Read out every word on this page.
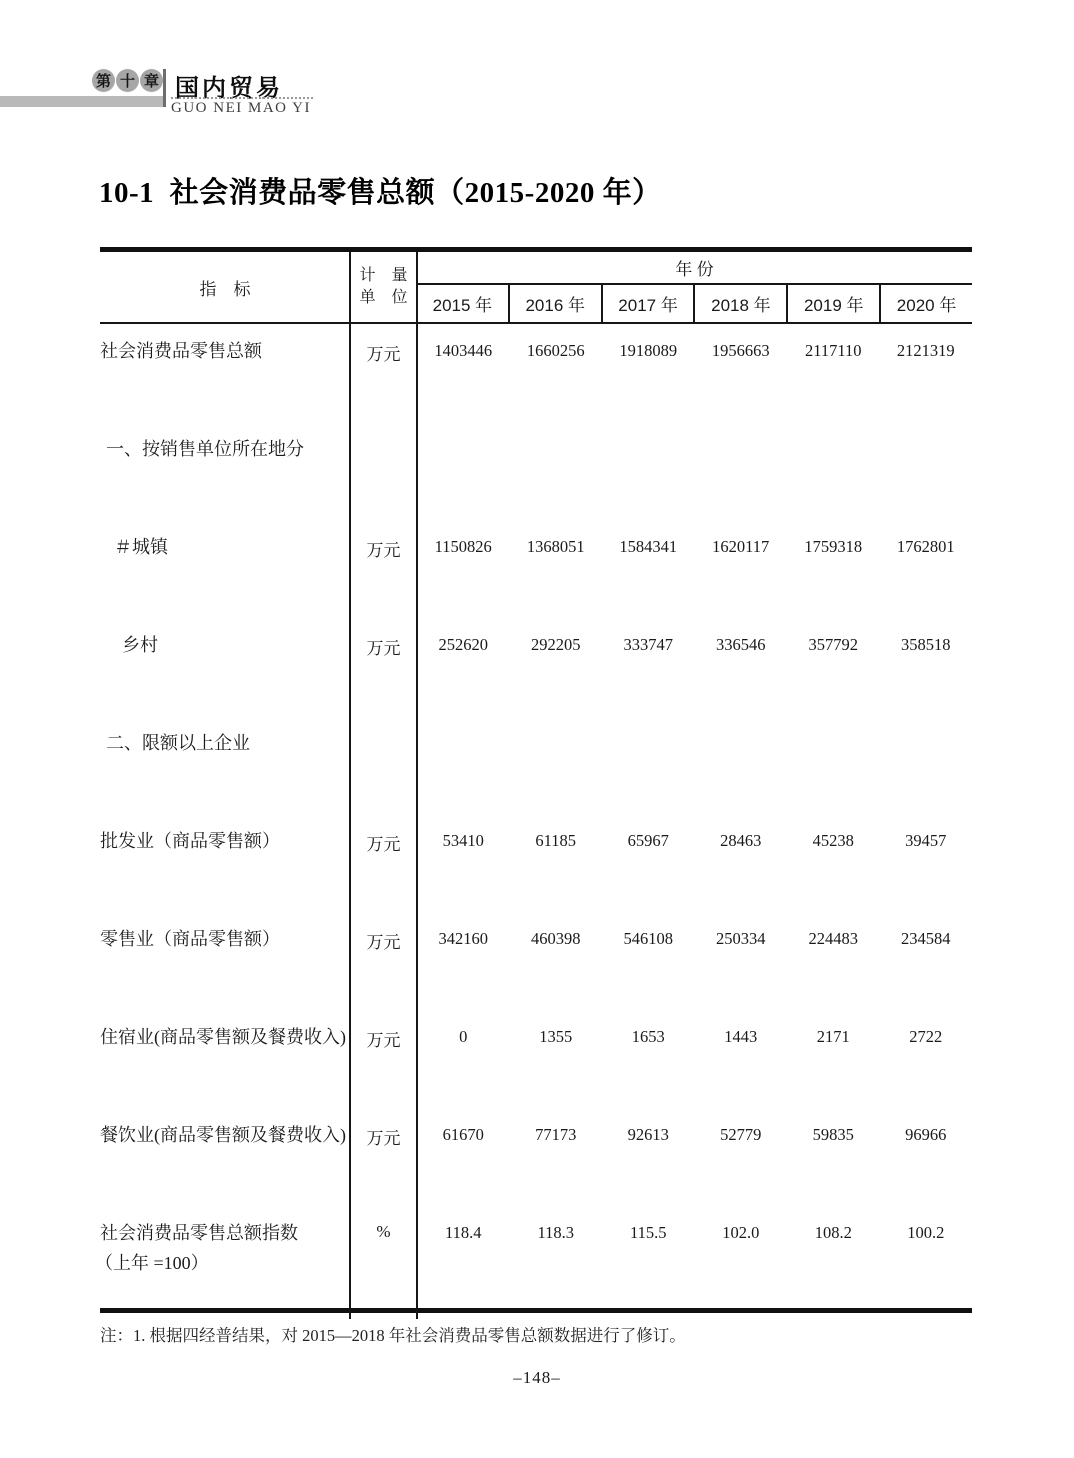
第 十 章 国内贸易
GUO NEI MAO YI
10-1  社会消费品零售总额（2015-2020 年）
指　标
计　量
单　位
年 份
2015 年	2016 年	2017 年	2018 年	2019 年	2020 年
社会消费品零售总额	万元	1403446	1660256	1918089	1956663	2117110	2121319
一、按销售单位所在地分
＃城镇	万元	1150826	1368051	1584341	1620117	1759318	1762801
乡村	万元	252620	292205	333747	336546	357792	358518
二、限额以上企业
批发业（商品零售额）	万元	53410	61185	65967	28463	45238	39457
零售业（商品零售额）	万元	342160	460398	546108	250334	224483	234584
住宿业(商品零售额及餐费收入)	万元	0	1355	1653	1443	2171	2722
餐饮业(商品零售额及餐费收入)	万元	61670	77173	92613	52779	59835	96966
社会消费品零售总额指数
（上年 =100）
%	118.4	118.3	115.5	102.0	108.2	100.2
注：1. 根据四经普结果，对 2015—2018 年社会消费品零售总额数据进行了修订。
–148–
